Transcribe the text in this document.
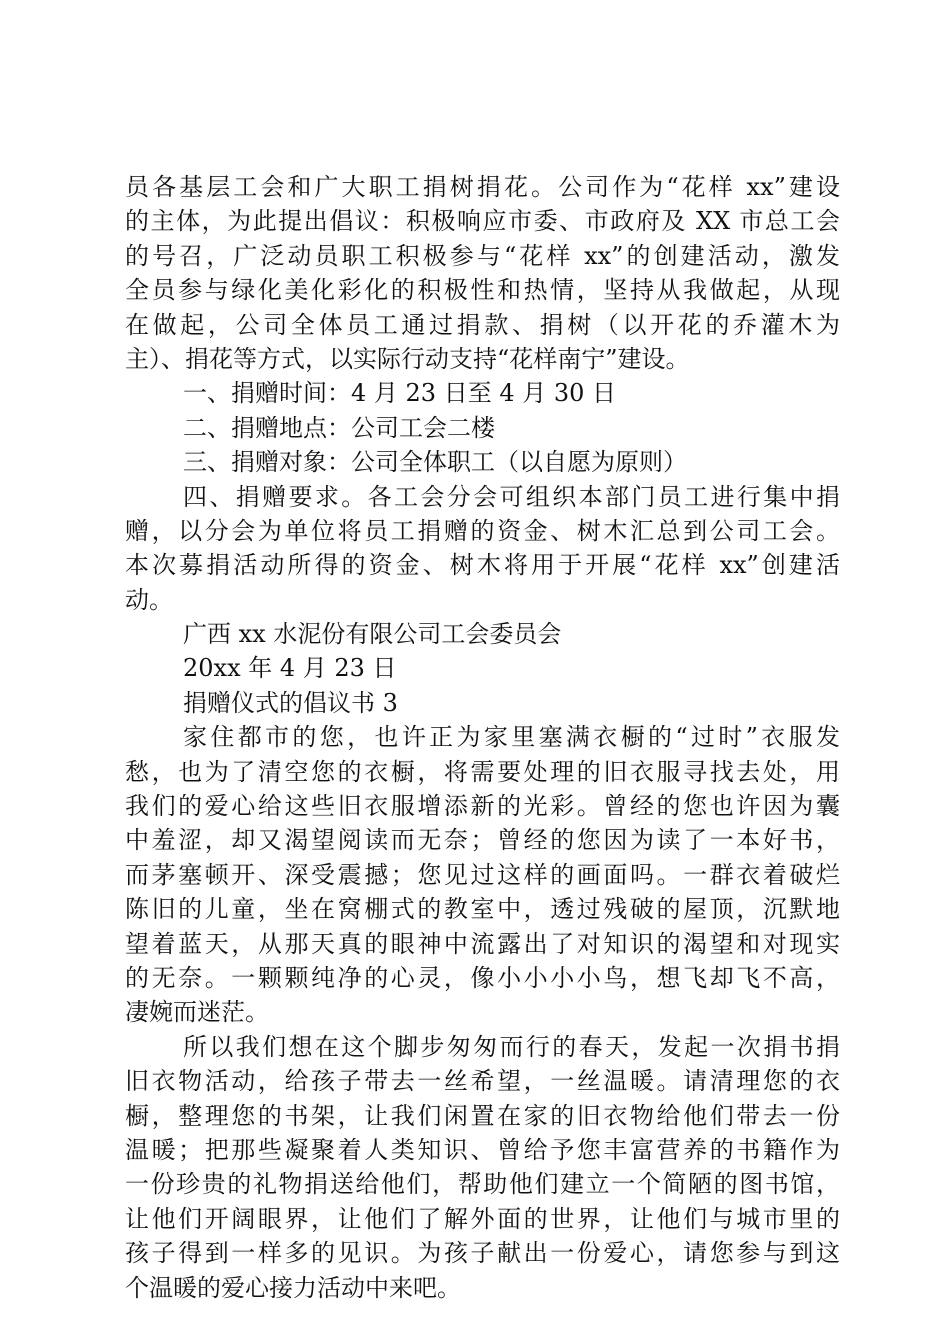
员各基层工会和广大职工捐树捐花。公司作为“花样 xx”建设
的主体，为此提出倡议：积极响应市委、市政府及 XX 市总工会
的号召，广泛动员职工积极参与“花样 xx”的创建活动，激发
全员参与绿化美化彩化的积极性和热情，坚持从我做起，从现
在做起，公司全体员工通过捐款、捐树（以开花的乔灌木为
主）、捐花等方式，以实际行动支持“花样南宁”建设。
一、捐赠时间：4 月 23 日至 4 月 30 日
二、捐赠地点：公司工会二楼
三、捐赠对象：公司全体职工（以自愿为原则）
四、捐赠要求。各工会分会可组织本部门员工进行集中捐
赠，以分会为单位将员工捐赠的资金、树木汇总到公司工会。
本次募捐活动所得的资金、树木将用于开展“花样 xx”创建活
动。
广西 xx 水泥份有限公司工会委员会
20xx 年 4 月 23 日
捐赠仪式的倡议书 3
家住都市的您，也许正为家里塞满衣橱的“过时”衣服发
愁，也为了清空您的衣橱，将需要处理的旧衣服寻找去处，用
我们的爱心给这些旧衣服增添新的光彩。曾经的您也许因为囊
中羞涩，却又渴望阅读而无奈；曾经的您因为读了一本好书，
而茅塞顿开、深受震撼；您见过这样的画面吗。一群衣着破烂
陈旧的儿童，坐在窝棚式的教室中，透过残破的屋顶，沉默地
望着蓝天，从那天真的眼神中流露出了对知识的渴望和对现实
的无奈。一颗颗纯净的心灵，像小小小小鸟，想飞却飞不高，
凄婉而迷茫。
所以我们想在这个脚步匆匆而行的春天，发起一次捐书捐
旧衣物活动，给孩子带去一丝希望，一丝温暖。请清理您的衣
橱，整理您的书架，让我们闲置在家的旧衣物给他们带去一份
温暖；把那些凝聚着人类知识、曾给予您丰富营养的书籍作为
一份珍贵的礼物捐送给他们，帮助他们建立一个简陋的图书馆，
让他们开阔眼界，让他们了解外面的世界，让他们与城市里的
孩子得到一样多的见识。为孩子献出一份爱心，请您参与到这
个温暖的爱心接力活动中来吧。
